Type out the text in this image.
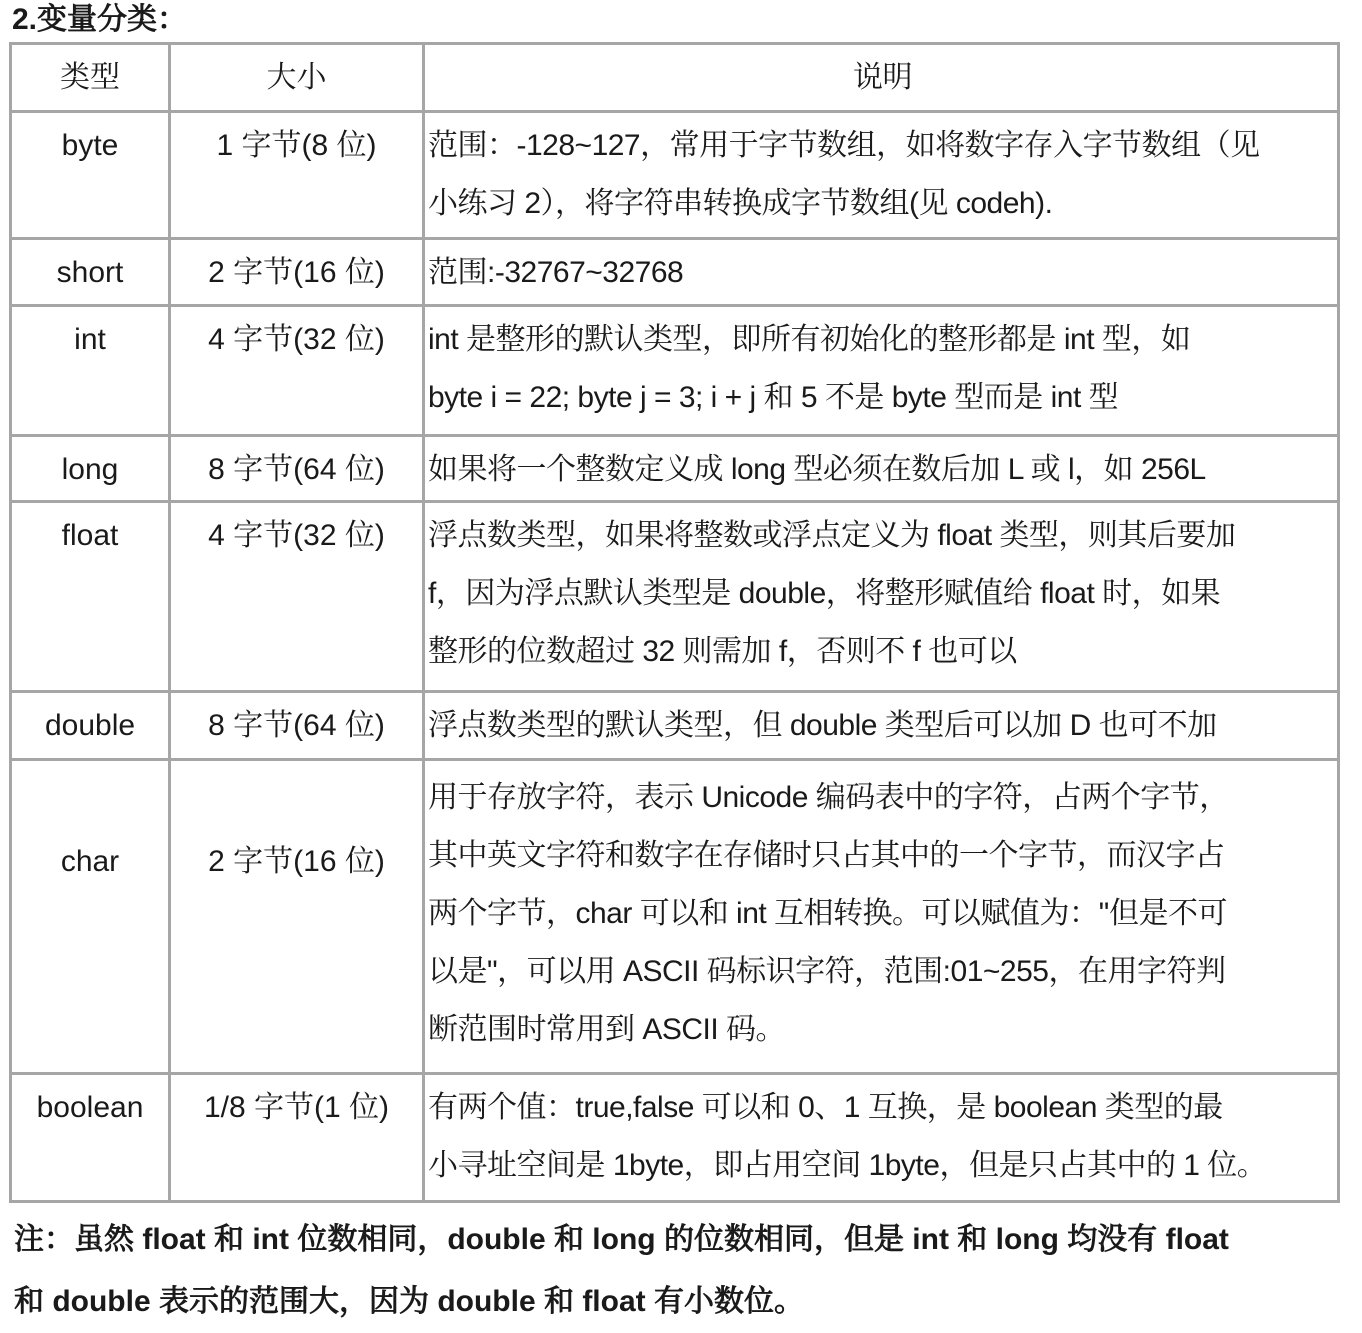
2.变量分类：
类型	大小	说明
byte	1 字节(8 位)	范围：-128~127，常用于字节数组，如将数字存入字节数组（见
小练习 2），将字符串转换成字节数组(见 codeh).

short	2 字节(16 位)	范围:-32767~32768

int	4 字节(32 位)	int 是整形的默认类型，即所有初始化的整形都是 int 型，如
byte i = 22; byte j = 3; i + j 和 5 不是 byte 型而是 int 型

long	8 字节(64 位)	如果将一个整数定义成 long 型必须在数后加 L 或 l，如 256L

float	4 字节(32 位)	浮点数类型，如果将整数或浮点定义为 float 类型，则其后要加
f，因为浮点默认类型是 double，将整形赋值给 float 时，如果
整形的位数超过 32 则需加 f，否则不 f 也可以

double	8 字节(64 位)	浮点数类型的默认类型，但 double 类型后可以加 D 也可不加

char	2 字节(16 位)	用于存放字符，表示 Unicode 编码表中的字符，占两个字节，
其中英文字符和数字在存储时只占其中的一个字节，而汉字占
两个字节，char 可以和 int 互相转换。可以赋值为：''但是不可
以是"，可以用 ASCII 码标识字符，范围:01~255，在用字符判
断范围时常用到 ASCII 码。

boolean	1/8 字节(1 位)	有两个值：true,false 可以和 0、1 互换，是 boolean 类型的最
小寻址空间是 1byte，即占用空间 1byte，但是只占其中的 1 位。
注：虽然 float 和 int 位数相同，double 和 long 的位数相同，但是 int 和 long 均没有 float
和 double 表示的范围大，因为 double 和 float 有小数位。
